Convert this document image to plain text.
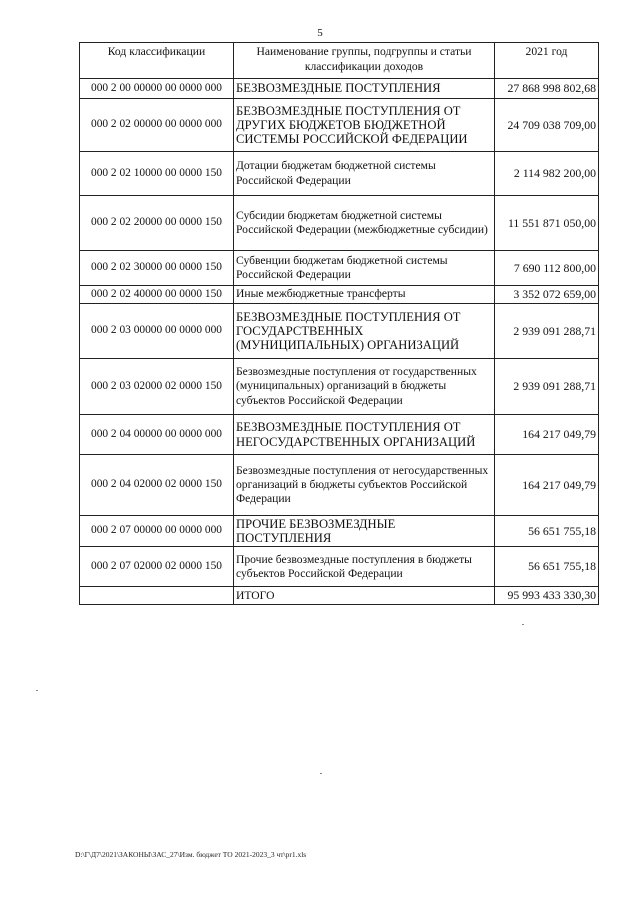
5
Код классификации	Наименование группы, подгруппы и статьи классификации доходов	2021 год
000 2 00 00000 00 0000 000	БЕЗВОЗМЕЗДНЫЕ ПОСТУПЛЕНИЯ	27 868 998 802,68
000 2 02 00000 00 0000 000	БЕЗВОЗМЕЗДНЫЕ ПОСТУПЛЕНИЯ ОТ ДРУГИХ БЮДЖЕТОВ БЮДЖЕТНОЙ СИСТЕМЫ РОССИЙСКОЙ ФЕДЕРАЦИИ	24 709 038 709,00
000 2 02 10000 00 0000 150	Дотации бюджетам бюджетной системы Российской Федерации	2 114 982 200,00
000 2 02 20000 00 0000 150	Субсидии бюджетам бюджетной системы Российской Федерации (межбюджетные субсидии)	11 551 871 050,00
000 2 02 30000 00 0000 150	Субвенции бюджетам бюджетной системы Российской Федерации	7 690 112 800,00
000 2 02 40000 00 0000 150	Иные межбюджетные трансферты	3 352 072 659,00
000 2 03 00000 00 0000 000	БЕЗВОЗМЕЗДНЫЕ ПОСТУПЛЕНИЯ ОТ ГОСУДАРСТВЕННЫХ (МУНИЦИПАЛЬНЫХ) ОРГАНИЗАЦИЙ	2 939 091 288,71
000 2 03 02000 02 0000 150	Безвозмездные поступления от государственных (муниципальных) организаций в бюджеты субъектов Российской Федерации	2 939 091 288,71
000 2 04 00000 00 0000 000	БЕЗВОЗМЕЗДНЫЕ ПОСТУПЛЕНИЯ ОТ НЕГОСУДАРСТВЕННЫХ ОРГАНИЗАЦИЙ	164 217 049,79
000 2 04 02000 02 0000 150	Безвозмездные поступления от негосударственных организаций в бюджеты субъектов Российской Федерации	164 217 049,79
000 2 07 00000 00 0000 000	ПРОЧИЕ БЕЗВОЗМЕЗДНЫЕ ПОСТУПЛЕНИЯ	56 651 755,18
000 2 07 02000 02 0000 150	Прочие безвозмездные поступления в бюджеты субъектов Российской Федерации	56 651 755,18
	ИТОГО	95 993 433 330,30
D:\Г\Д7\2021\ЗАКОНЫ\ЗАС_27\Изм. бюджет ТО 2021-2023_3 чт\pr1.xls
